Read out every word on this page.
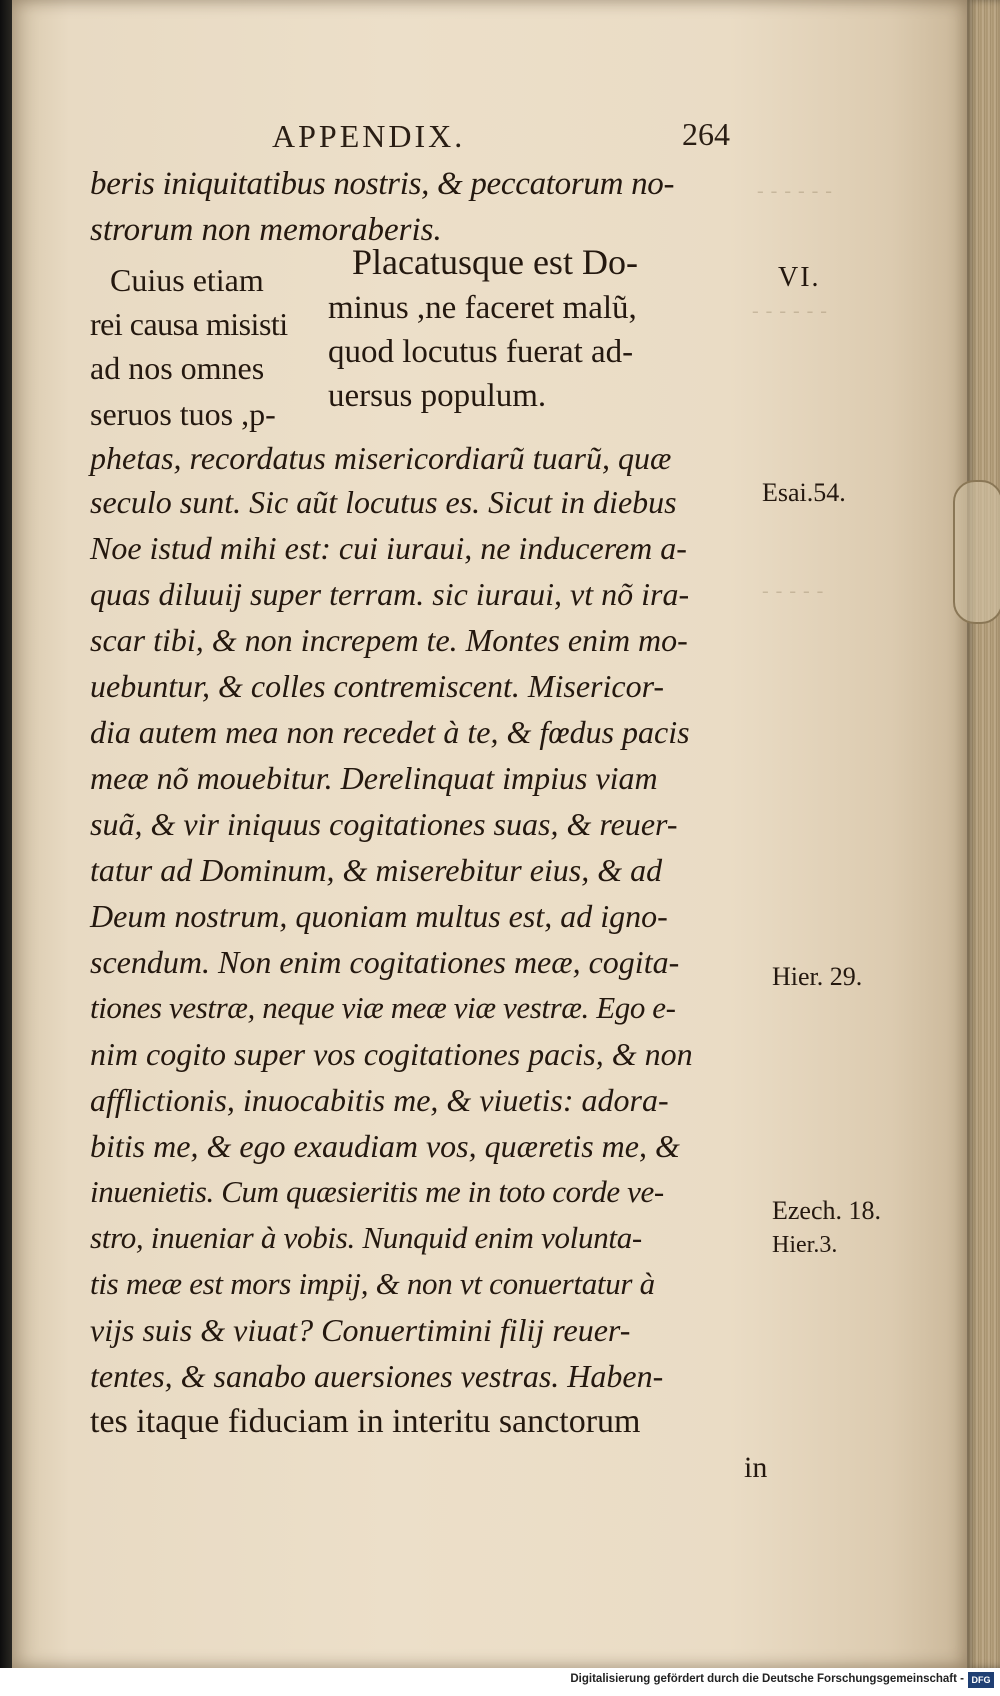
- - - - - -
- - - - - -
- - - - -
APPENDIX.	264
beris iniquitatibus nostris, & peccatorum no-
strorum non memoraberis.
Cuius etiam
rei causa misisti
ad nos omnes
seruos tuos ,p-
Placatusque est Do-
minus ,ne faceret malũ,
quod locutus fuerat ad-
uersus populum.
phetas, recordatus misericordiarũ tuarũ, quæ
seculo sunt. Sic aũt locutus es. Sicut in diebus
Noe istud mihi est: cui iuraui, ne inducerem a-
quas diluuij super terram. sic iuraui, vt nõ ira-
scar tibi, & non increpem te. Montes enim mo-
uebuntur, & colles contremiscent. Misericor-
dia autem mea non recedet à te, & fœdus pacis
meæ nõ mouebitur. Derelinquat impius viam
suã, & vir iniquus cogitationes suas, & reuer-
tatur ad Dominum, & miserebitur eius, & ad
Deum nostrum, quoniam multus est, ad igno-
scendum. Non enim cogitationes meæ, cogita-
tiones vestræ, neque viæ meæ viæ vestræ. Ego e-
nim cogito super vos cogitationes pacis, & non
afflictionis, inuocabitis me, & viuetis: adora-
bitis me, & ego exaudiam vos, quæretis me, &
inuenietis. Cum quæsieritis me in toto corde ve-
stro, inueniar à vobis. Nunquid enim volunta-
tis meæ est mors impij, & non vt conuertatur à
vijs suis & viuat? Conuertimini filij reuer-
tentes, & sanabo auersiones vestras. Haben-
tes itaque fiduciam in interitu sanctorum
in
VI.
Esai.54.
Hier. 29.
Ezech. 18.
Hier.3.
Digitalisierung gefördert durch die Deutsche Forschungsgemeinschaft - DFG
